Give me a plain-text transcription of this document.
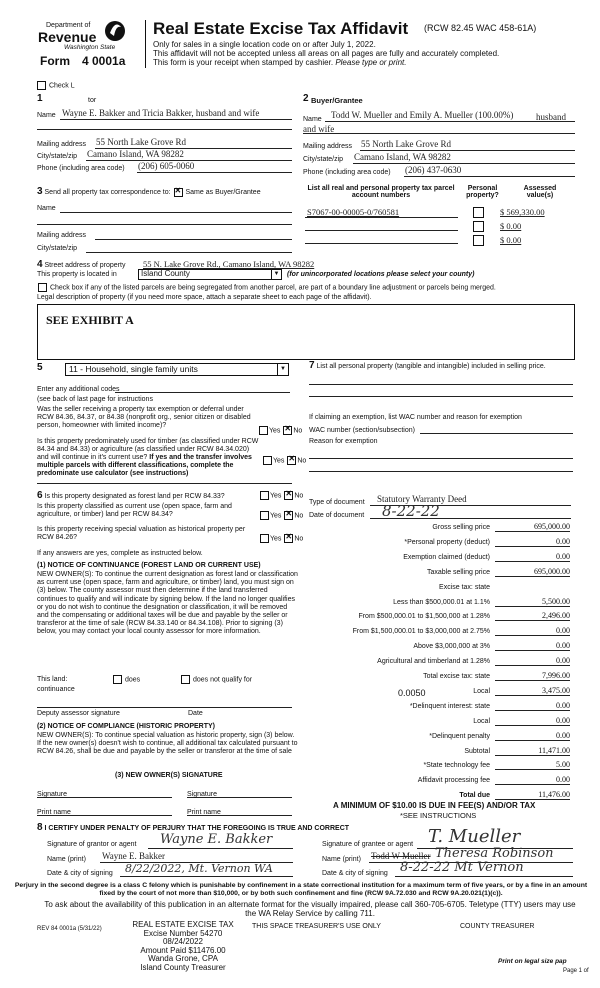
Department of
Revenue
Washington State
Form 4 0001a
Real Estate Excise Tax Affidavit (RCW 82.45 WAC 458-61A)
Only for sales in a single location code on or after July 1, 2022.
This affidavit will not be accepted unless all areas on all pages are fully and accurately completed.
This form is your receipt when stamped by cashier. Please type or print.
Check L
1	tor
Name Wayne E. Bakker and Tricia Bakker, husband and wife
Mailing address 55 North Lake Grove Rd
City/state/zip Camano Island, WA 98282
Phone (including area code) (206) 605-0060
2 Buyer/Grantee
Name Todd W. Mueller and Emily A. Mueller (100.00%)	husband
and wife
Mailing address 55 North Lake Grove Rd
City/state/zip Camano Island, WA 98282
Phone (including area code) (206) 437-0630
3 Send all property tax correspondence to: ✕ Same as Buyer/Grantee
Name
Mailing address
City/state/zip
List all real and personal property tax parcel account numbers
Personal property?
Assessed value(s)
S7067-00-00005-0/760581	$ 569,330.00
$ 0.00
$ 0.00
4 Street address of property 55 N. Lake Grove Rd., Camano Island, WA 98282
This property is located in	Island County	▼ (for unincorporated locations please select your county)
Check box if any of the listed parcels are being segregated from another parcel, are part of a boundary line adjustment or parcels being merged.
Legal description of property (if you need more space, attach a separate sheet to each page of the affidavit).
SEE EXHIBIT A
5	11 - Household, single family units	▼
Enter any additional codes
(see back of last page for instructions
Was the seller receiving a property tax exemption or deferral under RCW 84.36, 84.37, or 84.38 (nonprofit org., senior citizen or disabled person, homeowner with limited income)?
Yes ✕ No
Is this property predominately used for timber (as classified under RCW 84.34 and 84.33) or agriculture (as classified under RCW 84.34.020) and will continue in it's current use? If yes and the transfer involves multiple parcels with different classifications, complete the predominate use calculator (see instructions)
Yes ✕ No
6 Is this property designated as forest land per RCW 84.33?	Yes ✕ No
Is this property classified as current use (open space, farm and agriculture, or timber) land per RCW 84.34?	Yes ✕ No
Is this property receiving special valuation as historical property per RCW 84.26?	Yes ✕ No
If any answers are yes, complete as instructed below.
(1) NOTICE OF CONTINUANCE (FOREST LAND OR CURRENT USE)
NEW OWNER(S): To continue the current designation as forest land or classification as current use (open space, farm and agriculture, or timber) land, you must sign on (3) below. The county assessor must then determine if the land transferred continues to qualify and will indicate by signing below. If the land no longer qualifies or you do not wish to continue the designation or classification, it will be removed and the compensating or additional taxes will be due and payable by the seller or transferor at the time of sale (RCW 84.33.140 or 84.34.108). Prior to signing (3) below, you may contact your local county assessor for more information.
This land:
continuance
does	does not qualify for
Deputy assessor signature	Date
(2) NOTICE OF COMPLIANCE (HISTORIC PROPERTY)
NEW OWNER(S): To continue special valuation as historic property, sign (3) below. If the new owner(s) doesn't wish to continue, all additional tax calculated pursuant to RCW 84.26, shall be due and payable by the seller or transferor at the time of sale
(3) NEW OWNER(S) SIGNATURE
Signature	Signature
Print name	Print name
7 List all personal property (tangible and intangible) included in selling price.
If claiming an exemption, list WAC number and reason for exemption
WAC number (section/subsection)
Reason for exemption
Type of document Statutory Warranty Deed
Date of document 8-22-22
Gross selling price	695,000.00
*Personal property (deduct)	0.00
Exemption claimed (deduct)	0.00
Taxable selling price	695,000.00
Excise tax: state
Less than $500,000.01 at 1.1%	5,500.00
From $500,000.01 to $1,500,000 at 1.28%	2,496.00
From $1,500,000.01 to $3,000,000 at 2.75%	0.00
Above $3,000,000 at 3%	0.00
Agricultural and timberland at 1.28%	0.00
Total excise tax: state	7,996.00
Local	3,475.00
*Delinquent interest: state	0.00
Local	0.00
*Delinquent penalty	0.00
Subtotal	11,471.00
*State technology fee	5.00
Affidavit processing fee	0.00
Total due	11,476.00
0.0050
A MINIMUM OF $10.00 IS DUE IN FEE(S) AND/OR TAX
*SEE INSTRUCTIONS
8 I CERTIFY UNDER PENALTY OF PERJURY THAT THE FOREGOING IS TRUE AND CORRECT
Signature of grantor or agent Wayne E. Bakker
Name (print) Wayne E. Bakker
Date & city of signing 8/22/2022, Mt. Vernon WA
Signature of grantee or agent T. Mueller
Name (print) Todd W Mueller Theresa Robinson
Date & city of signing 8-22-22 Mt Vernon
Perjury in the second degree is a class C felony which is punishable by confinement in a state correctional institution for a maximum term of five years, or by a fine in an amount fixed by the court of not more than $10,000, or by both such confinement and fine (RCW 9A.72.030 and RCW 9A.20.021(1)(c)).
To ask about the availability of this publication in an alternate format for the visually impaired, please call 360-705-6705. Teletype (TTY) users may use the WA Relay Service by calling 711.
REV 84 0001a (5/31/22)	REAL ESTATE EXCISE TAX
Excise Number 54270
08/24/2022
Amount Paid $11476.00
Wanda Grone, CPA
Island County Treasurer
THIS SPACE TREASURER'S USE ONLY	COUNTY TREASURER
Print on legal size pap
Page 1 of
